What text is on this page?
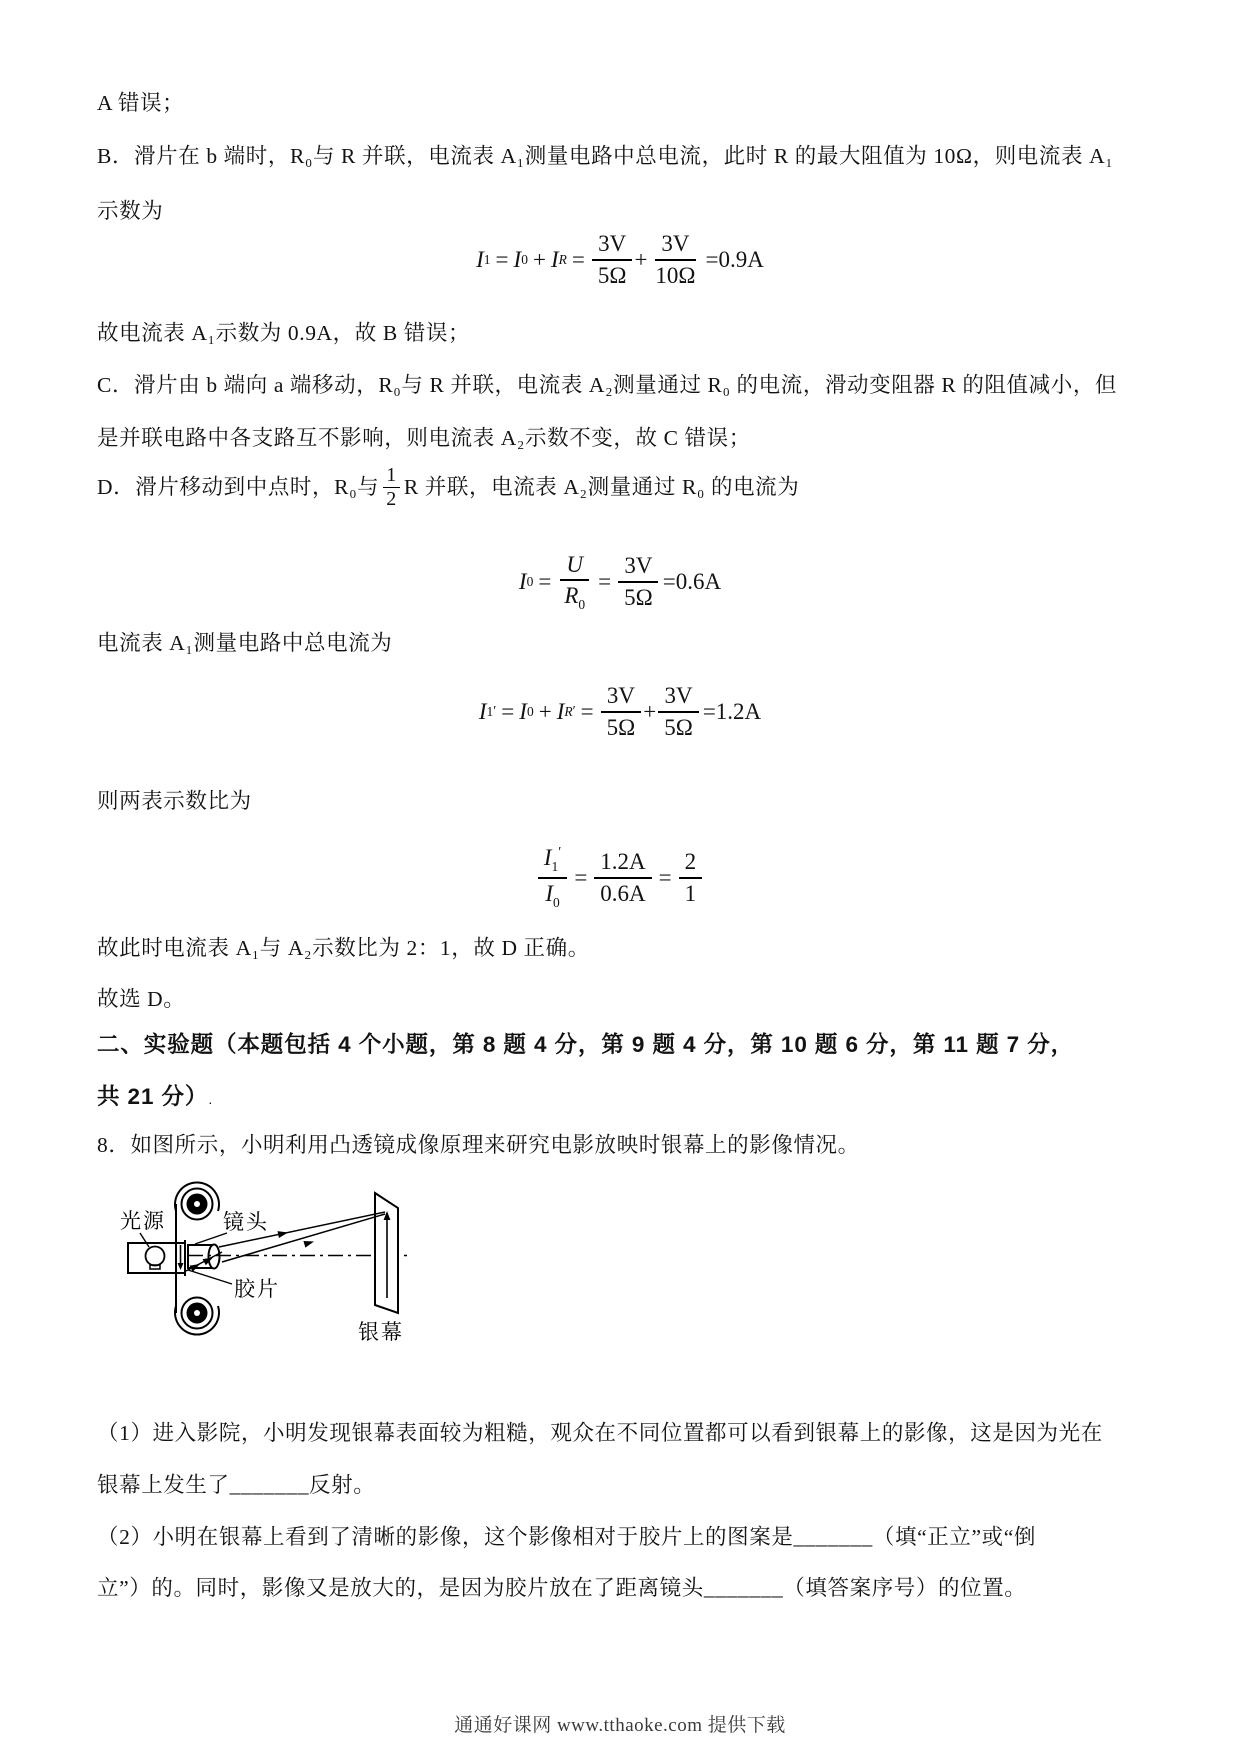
A 错误；
B．滑片在 b 端时，R₀与 R 并联，电流表 A₁测量电路中总电流，此时 R 的最大阻值为 10Ω，则电流表 A₁
示数为
I 1 = I 0 + I $R = \frac{3V}{5\Omega} + \frac{3V}{10\Omega} =0.9A$
故电流表 A₁示数为 0.9A，故 B 错误；
C．滑片由 b 端向 a 端移动，R₀与 R 并联，电流表 A₂测量通过 R₀ 的电流，滑动变阻器 R 的阻值减小，但
是并联电路中各支路互不影响，则电流表 A₂示数不变，故 C 错误；
D．滑片移动到中点时，R₀与 $\frac{1}{2}$ R 并联，电流表 A₂测量通过 R₀ 的电流为
I $0 = \frac{U}{R_0} = \frac{3V}{5\Omega} =0.6A$
电流表 A₁测量电路中总电流为
I 1 ′ = I 0 + I R ′ = $\frac{3V}{5\Omega} + \frac{3V}{5\Omega} =1.2A$
则两表示数比为
$\frac{I_1'}{I_0} = \frac{1.2A}{0.6A} = \frac{2}{1}$
故此时电流表 A₁与 A₂示数比为 2：1，故 D 正确。
故选 D。
二、实验题（本题包括 4 个小题，第 8 题 4 分，第 9 题 4 分，第 10 题 6 分，第 11 题 7 分，
共 21 分）.
8．如图所示，小明利用凸透镜成像原理来研究电影放映时银幕上的影像情况。
光源	镜头
胶片
银幕
（1）进入影院，小明发现银幕表面较为粗糙，观众在不同位置都可以看到银幕上的影像，这是因为光在
银幕上发生了_______反射。
（2）小明在银幕上看到了清晰的影像，这个影像相对于胶片上的图案是_______（填“正立”或“倒
立”）的。同时，影像又是放大的，是因为胶片放在了距离镜头_______（填答案序号）的位置。
通通好课网 www.tthaoke.com 提供下载
